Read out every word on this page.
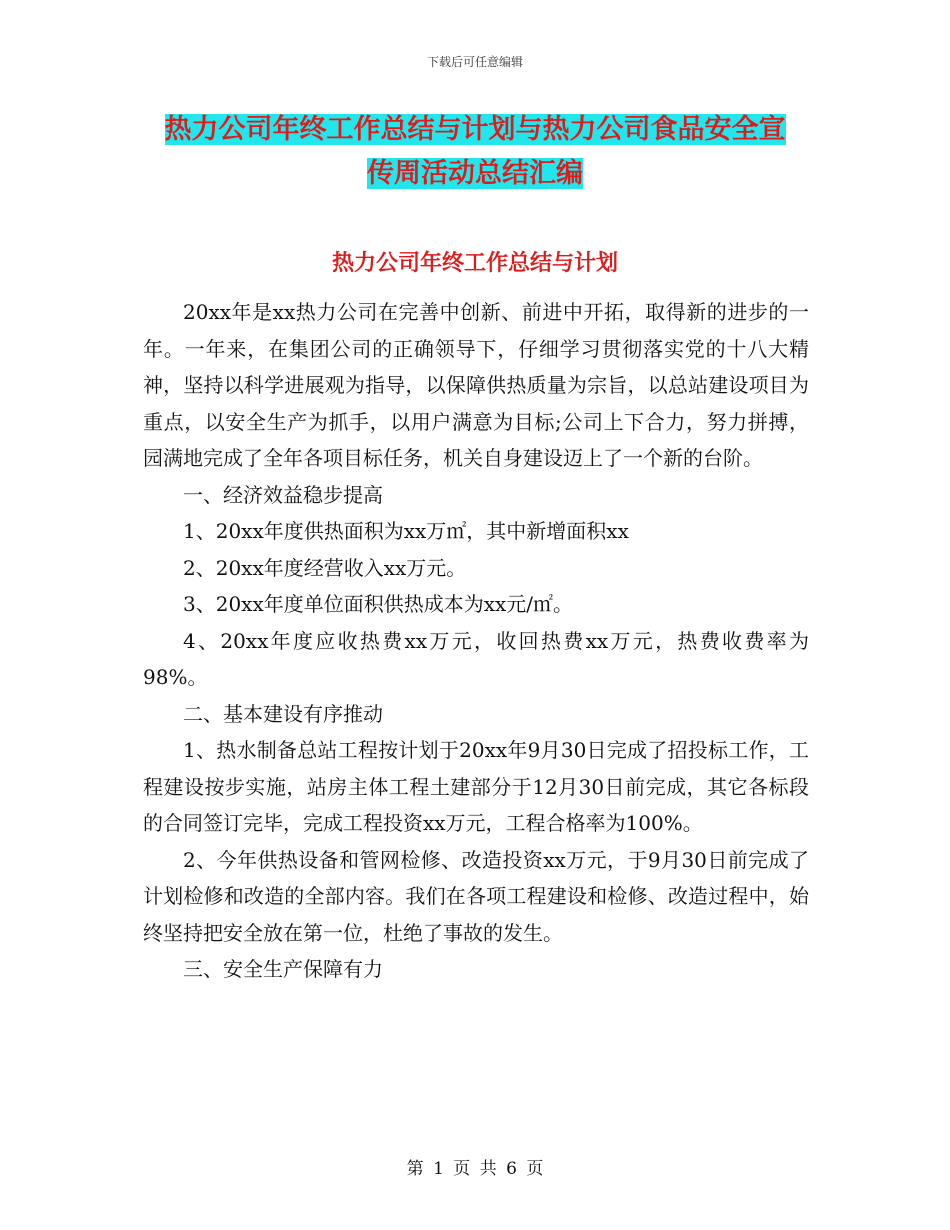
下载后可任意编辑
热力公司年终工作总结与计划与热力公司食品安全宣
传周活动总结汇编
热力公司年终工作总结与计划

20xx年是xx热力公司在完善中创新、前进中开拓，取得新的进步的一年。一年来，在集团公司的正确领导下，仔细学习贯彻落实党的十八大精神，坚持以科学进展观为指导，以保障供热质量为宗旨，以总站建设项目为重点，以安全生产为抓手，以用户满意为目标;公司上下合力，努力拼搏，园满地完成了全年各项目标任务，机关自身建设迈上了一个新的台阶。

一、经济效益稳步提高

1、20xx年度供热面积为xx万㎡，其中新增面积xx

2、20xx年度经营收入xx万元。

3、20xx年度单位面积供热成本为xx元/㎡。

4、20xx年度应收热费xx万元，收回热费xx万元，热费收费率为98%。

二、基本建设有序推动

1、热水制备总站工程按计划于20xx年9月30日完成了招投标工作，工程建设按步实施，站房主体工程土建部分于12月30日前完成，其它各标段的合同签订完毕，完成工程投资xx万元，工程合格率为100%。

2、今年供热设备和管网检修、改造投资xx万元，于9月30日前完成了计划检修和改造的全部内容。我们在各项工程建设和检修、改造过程中，始终坚持把安全放在第一位，杜绝了事故的发生。

三、安全生产保障有力

第 1 页 共 6 页
